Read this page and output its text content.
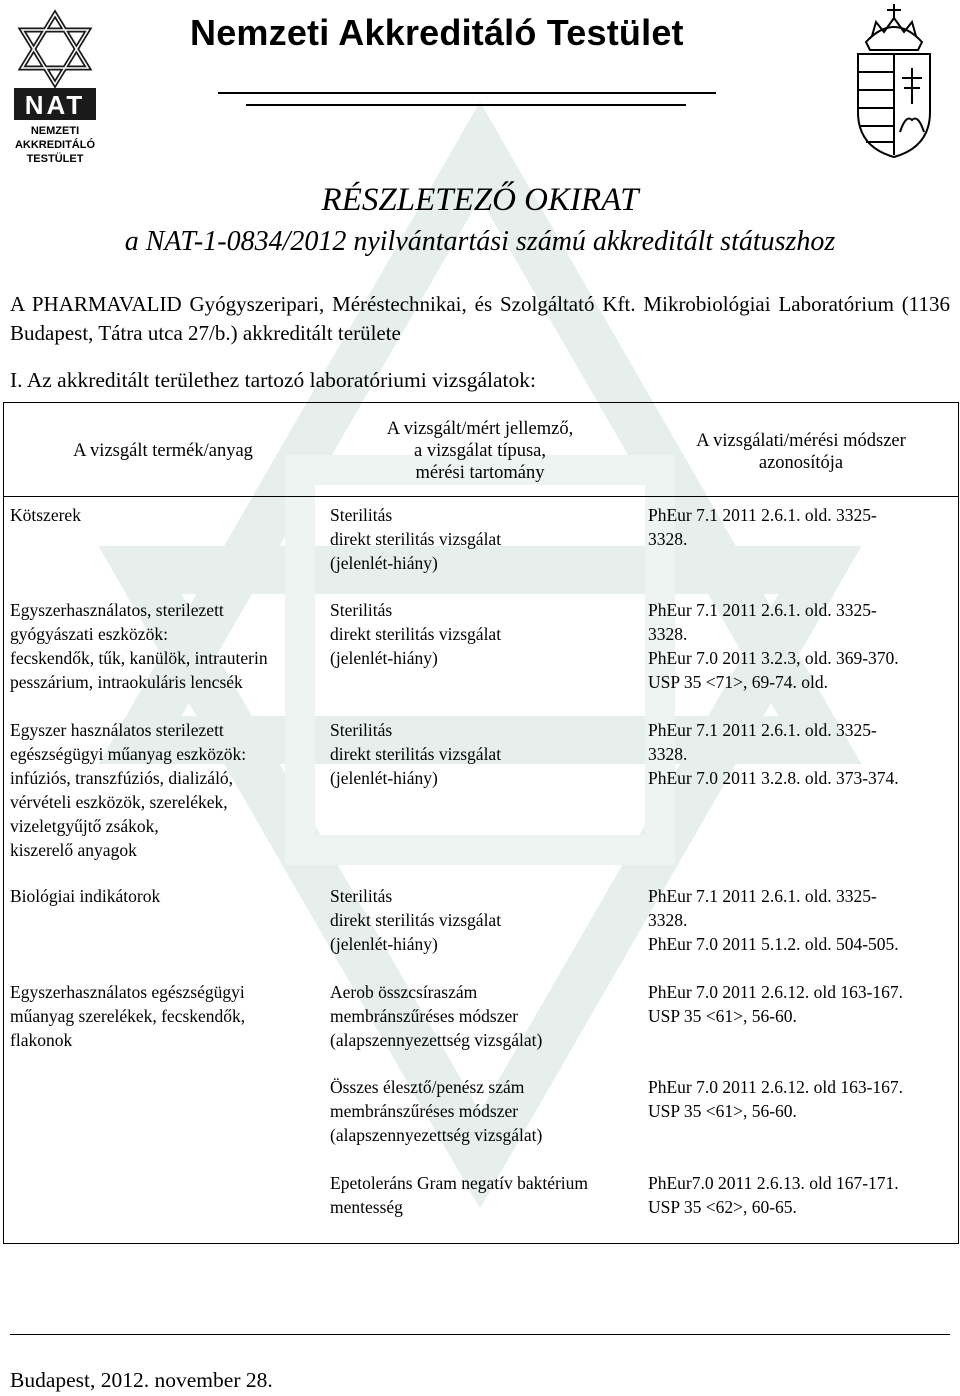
NAT
NEMZETI
AKKREDITÁLÓ
TESTÜLET
Nemzeti Akkreditáló Testület
RÉSZLETEZŐ OKIRAT
a NAT-1-0834/2012 nyilvántartási számú akkreditált státuszhoz
A PHARMAVALID Gyógyszeripari, Méréstechnikai, és Szolgáltató Kft. Mikrobiológiai Laboratórium (1136 Budapest, Tátra utca 27/b.) akkreditált területe
I. Az akkreditált területhez tartozó laboratóriumi vizsgálatok:
A vizsgált termék/anyag
A vizsgált/mért jellemző,
a vizsgálat típusa,
mérési tartomány
A vizsgálati/mérési módszer
azonosítója
Kötszerek	Sterilitás
direkt sterilitás vizsgálat
(jelenlét-hiány)
PhEur 7.1 2011 2.6.1. old. 3325-
3328.
Egyszerhasználatos, sterilezett
gyógyászati eszközök:
fecskendők, tűk, kanülök, intrauterin
pesszárium, intraokuláris lencsék
Sterilitás
direkt sterilitás vizsgálat
(jelenlét-hiány)
PhEur 7.1 2011 2.6.1. old. 3325-
3328.
PhEur 7.0 2011 3.2.3, old. 369-370.
USP 35 <71>, 69-74. old.
Egyszer használatos sterilezett
egészségügyi műanyag eszközök:
infúziós, transzfúziós, dializáló,
vérvételi eszközök, szerelékek,
vizeletgyűjtő zsákok,
kiszerelő anyagok
Sterilitás
direkt sterilitás vizsgálat
(jelenlét-hiány)
PhEur 7.1 2011 2.6.1. old. 3325-
3328.
PhEur 7.0 2011 3.2.8. old. 373-374.
Biológiai indikátorok	Sterilitás
direkt sterilitás vizsgálat
(jelenlét-hiány)
PhEur 7.1 2011 2.6.1. old. 3325-
3328.
PhEur 7.0 2011 5.1.2. old. 504-505.
Egyszerhasználatos egészségügyi
műanyag szerelékek, fecskendők,
flakonok
Aerob összcsíraszám
membránszűréses módszer
(alapszennyezettség vizsgálat)
PhEur 7.0 2011 2.6.12. old 163-167.
USP 35 <61>, 56-60.
Összes élesztő/penész szám
membránszűréses módszer
(alapszennyezettség vizsgálat)
PhEur 7.0 2011 2.6.12. old 163-167.
USP 35 <61>, 56-60.
Epetoleráns Gram negatív baktérium
mentesség
PhEur7.0 2011 2.6.13. old 167-171.
USP 35 <62>, 60-65.
Budapest, 2012. november 28.
